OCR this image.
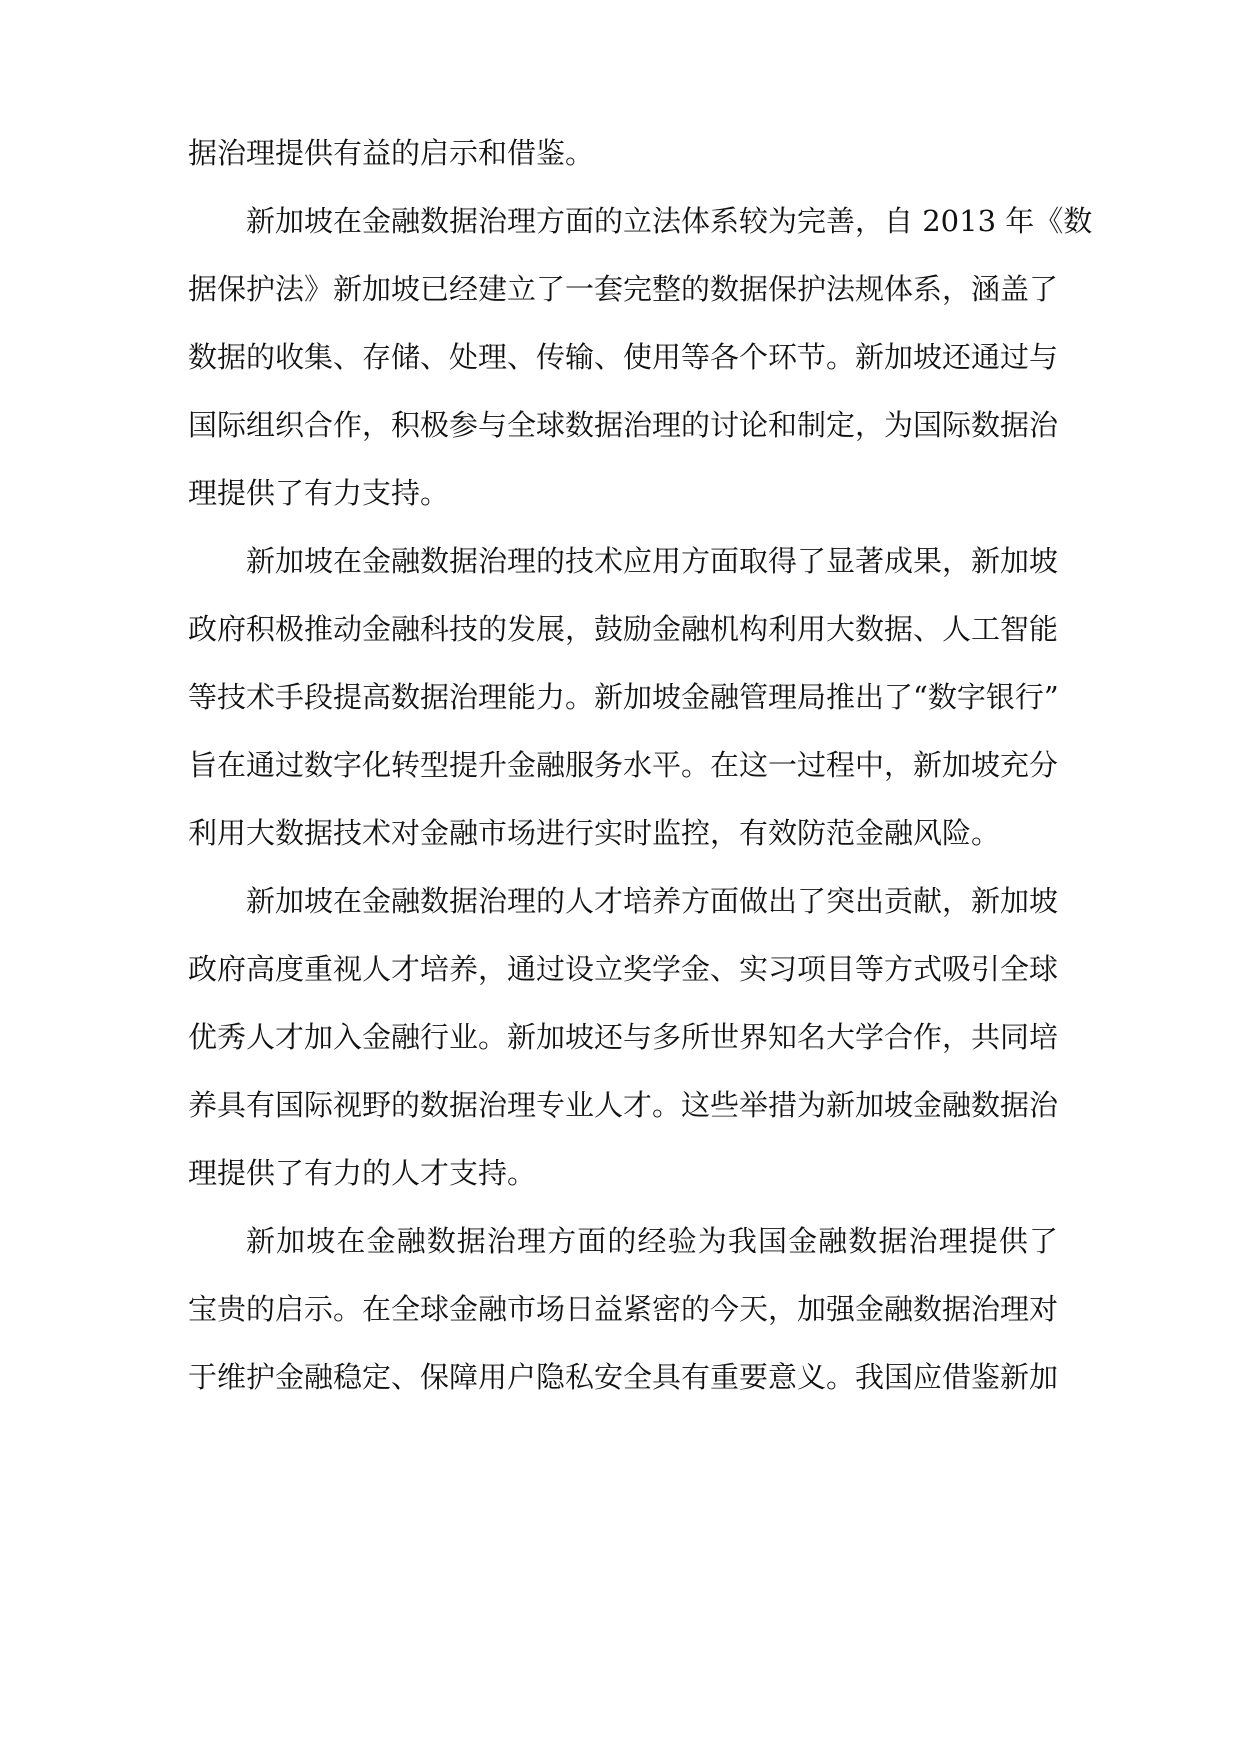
据治理提供有益的启示和借鉴。
新加坡在金融数据治理方面的立法体系较为完善，自 2013 年《数
据保护法》新加坡已经建立了一套完整的数据保护法规体系，涵盖了
数据的收集、存储、处理、传输、使用等各个环节。新加坡还通过与
国际组织合作，积极参与全球数据治理的讨论和制定，为国际数据治
理提供了有力支持。
新加坡在金融数据治理的技术应用方面取得了显著成果，新加坡
政府积极推动金融科技的发展，鼓励金融机构利用大数据、人工智能
等技术手段提高数据治理能力。新加坡金融管理局推出了“数字银行”
旨在通过数字化转型提升金融服务水平。在这一过程中，新加坡充分
利用大数据技术对金融市场进行实时监控，有效防范金融风险。
新加坡在金融数据治理的人才培养方面做出了突出贡献，新加坡
政府高度重视人才培养，通过设立奖学金、实习项目等方式吸引全球
优秀人才加入金融行业。新加坡还与多所世界知名大学合作，共同培
养具有国际视野的数据治理专业人才。这些举措为新加坡金融数据治
理提供了有力的人才支持。
新加坡在金融数据治理方面的经验为我国金融数据治理提供了
宝贵的启示。在全球金融市场日益紧密的今天，加强金融数据治理对
于维护金融稳定、保障用户隐私安全具有重要意义。我国应借鉴新加
